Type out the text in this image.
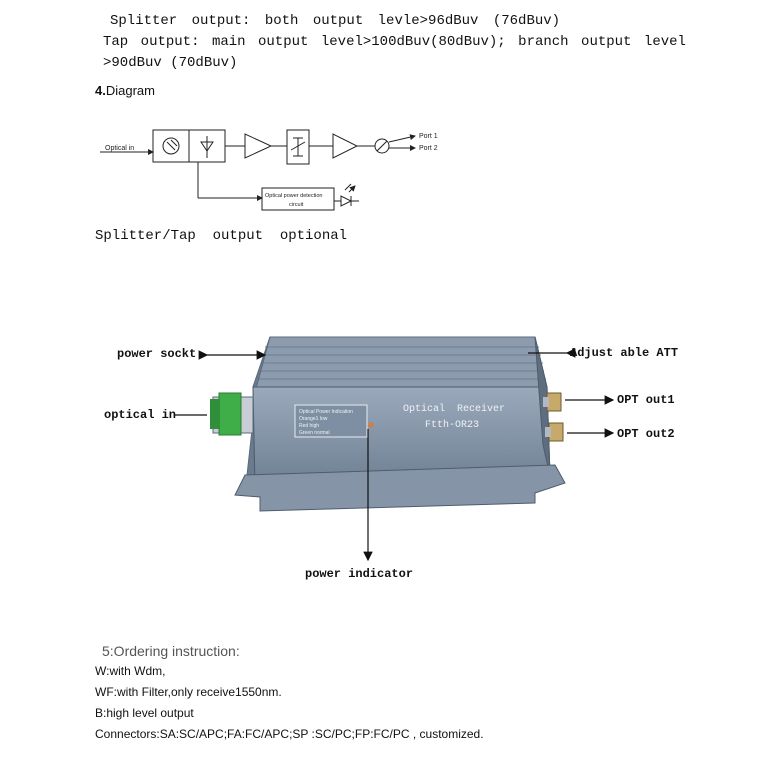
Splitter output: both output levle>96dBuv (76dBuv)
Tap output: main output level>100dBuv(80dBuv); branch output level
>90dBuv (70dBuv)
4.Diagram
Optical in
Port 1
Port 2
Optical power detection
circuit
Splitter/Tap  output  optional
Optical Power Indication
Orange1 low
Red high
Green normal
Optical  Receiver
Ftth-OR23
power sockt
optical in
Adjust able ATT
OPT out1
OPT out2
power indicator
5:Ordering instruction:
W:with Wdm,
WF:with Filter,only receive1550nm.
B:high level output
Connectors:SA:SC/APC;FA:FC/APC;SP :SC/PC;FP:FC/PC , customized.
